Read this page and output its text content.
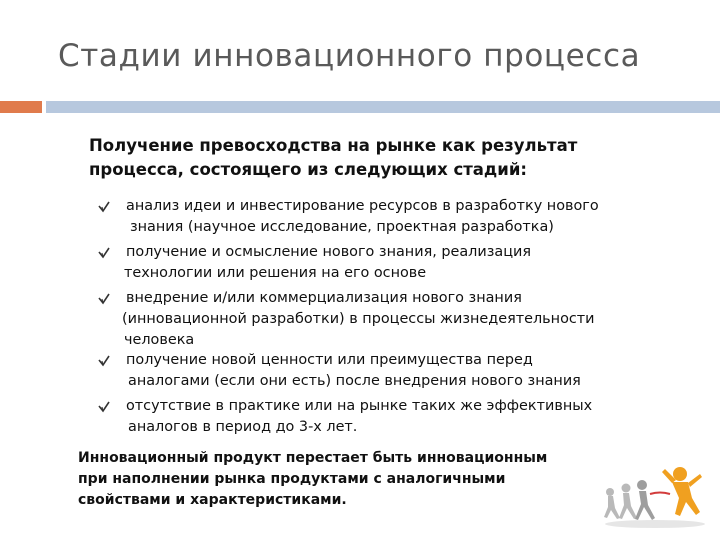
Стадии инновационного процесса
Получение превосходства на рынке как результат
процесса, состоящего из следующих стадий:
анализ идеи и инвестирование ресурсов в разработку нового
знания (научное исследование, проектная разработка)
получение и осмысление нового знания, реализация
технологии или решения на его основе
внедрение и/или коммерциализация нового знания
(инновационной разработки) в процессы жизнедеятельности
человека
получение новой ценности или преимущества перед
аналогами (если они есть) после внедрения нового знания
отсутствие в практике или на рынке таких же эффективных
аналогов в период до 3-х лет.
Инновационный продукт перестает быть инновационным
при наполнении рынка продуктами с аналогичными
свойствами и характеристиками.
